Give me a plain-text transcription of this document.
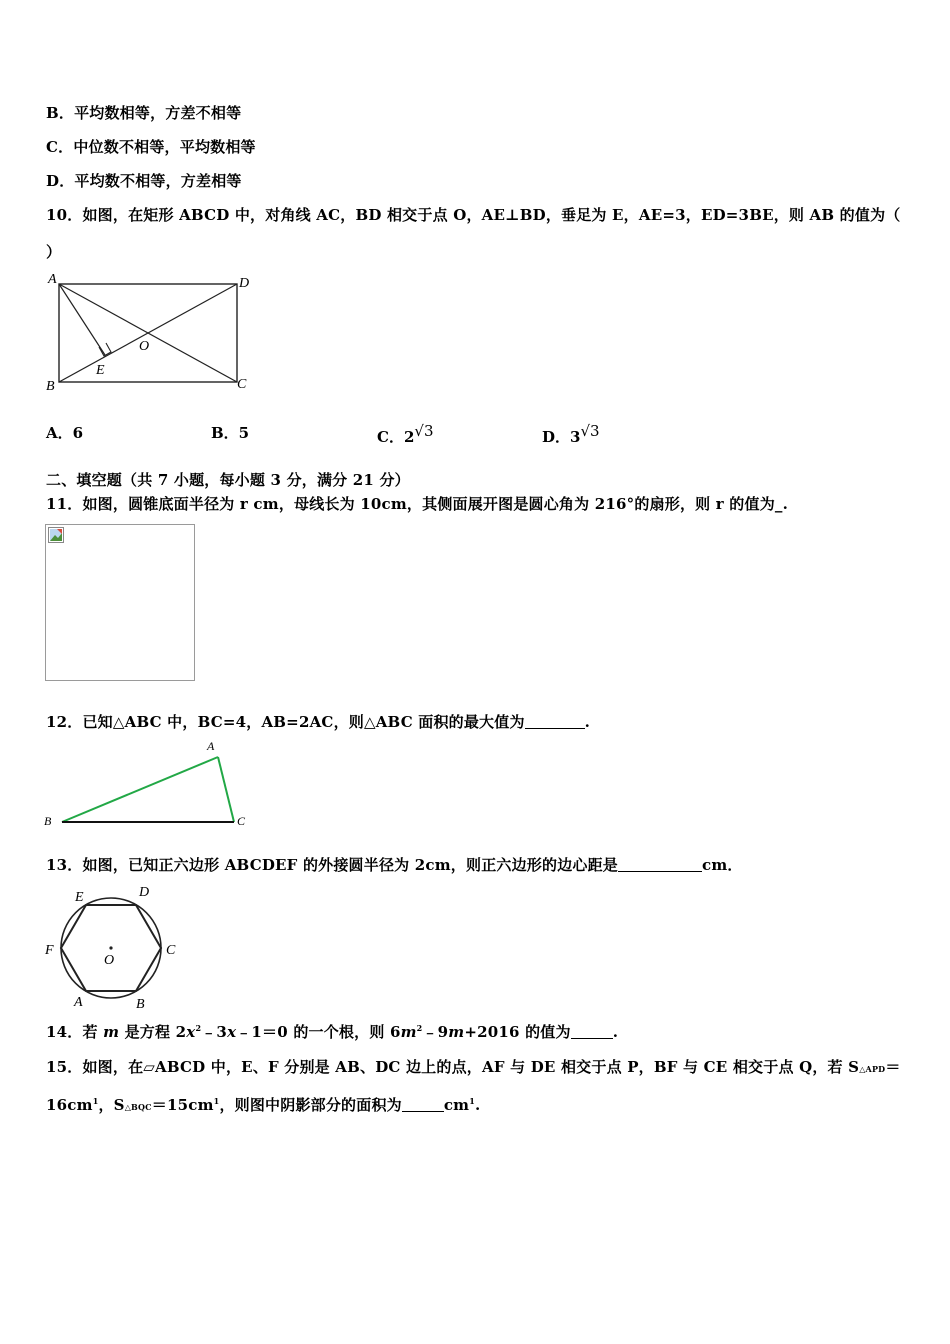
B．平均数相等，方差不相等
C．中位数不相等，平均数相等
D．平均数不相等，方差相等
10．如图，在矩形 ABCD 中，对角线 AC，BD 相交于点 O，AE⊥BD，垂足为 E，AE=3，ED=3BE，则 AB 的值为（
）
A	D
B	C
E
O
A．6	B．5	C．2√3	D．3√3
二、填空题（共 7 小题，每小题 3 分，满分 21 分）
11．如图，圆锥底面半径为 r cm，母线长为 10cm，其侧面展开图是圆心角为 216°的扇形，则 r 的值为_.
12．已知△ABC 中，BC=4，AB=2AC，则△ABC 面积的最大值为	.
A
B	C
13．如图，已知正六边形 ABCDEF 的外接圆半径为 2cm，则正六边形的边心距是	cm．
E	D
F	C
O
A	B
14．若 m 是方程 $2x^2﹣3x﹣1=0$ 的一个根，则 $6m^2﹣9m+2016$ 的值为	.
15．如图，在▱ABCD 中，E、F 分别是 AB、DC 边上的点，AF 与 DE 相交于点 P，BF 与 CE 相交于点 Q，若 S△APD＝
$16cm^1$，$S\triangle BQC=15cm^1$，则图中阴影部分的面积为	$cm^1$.
